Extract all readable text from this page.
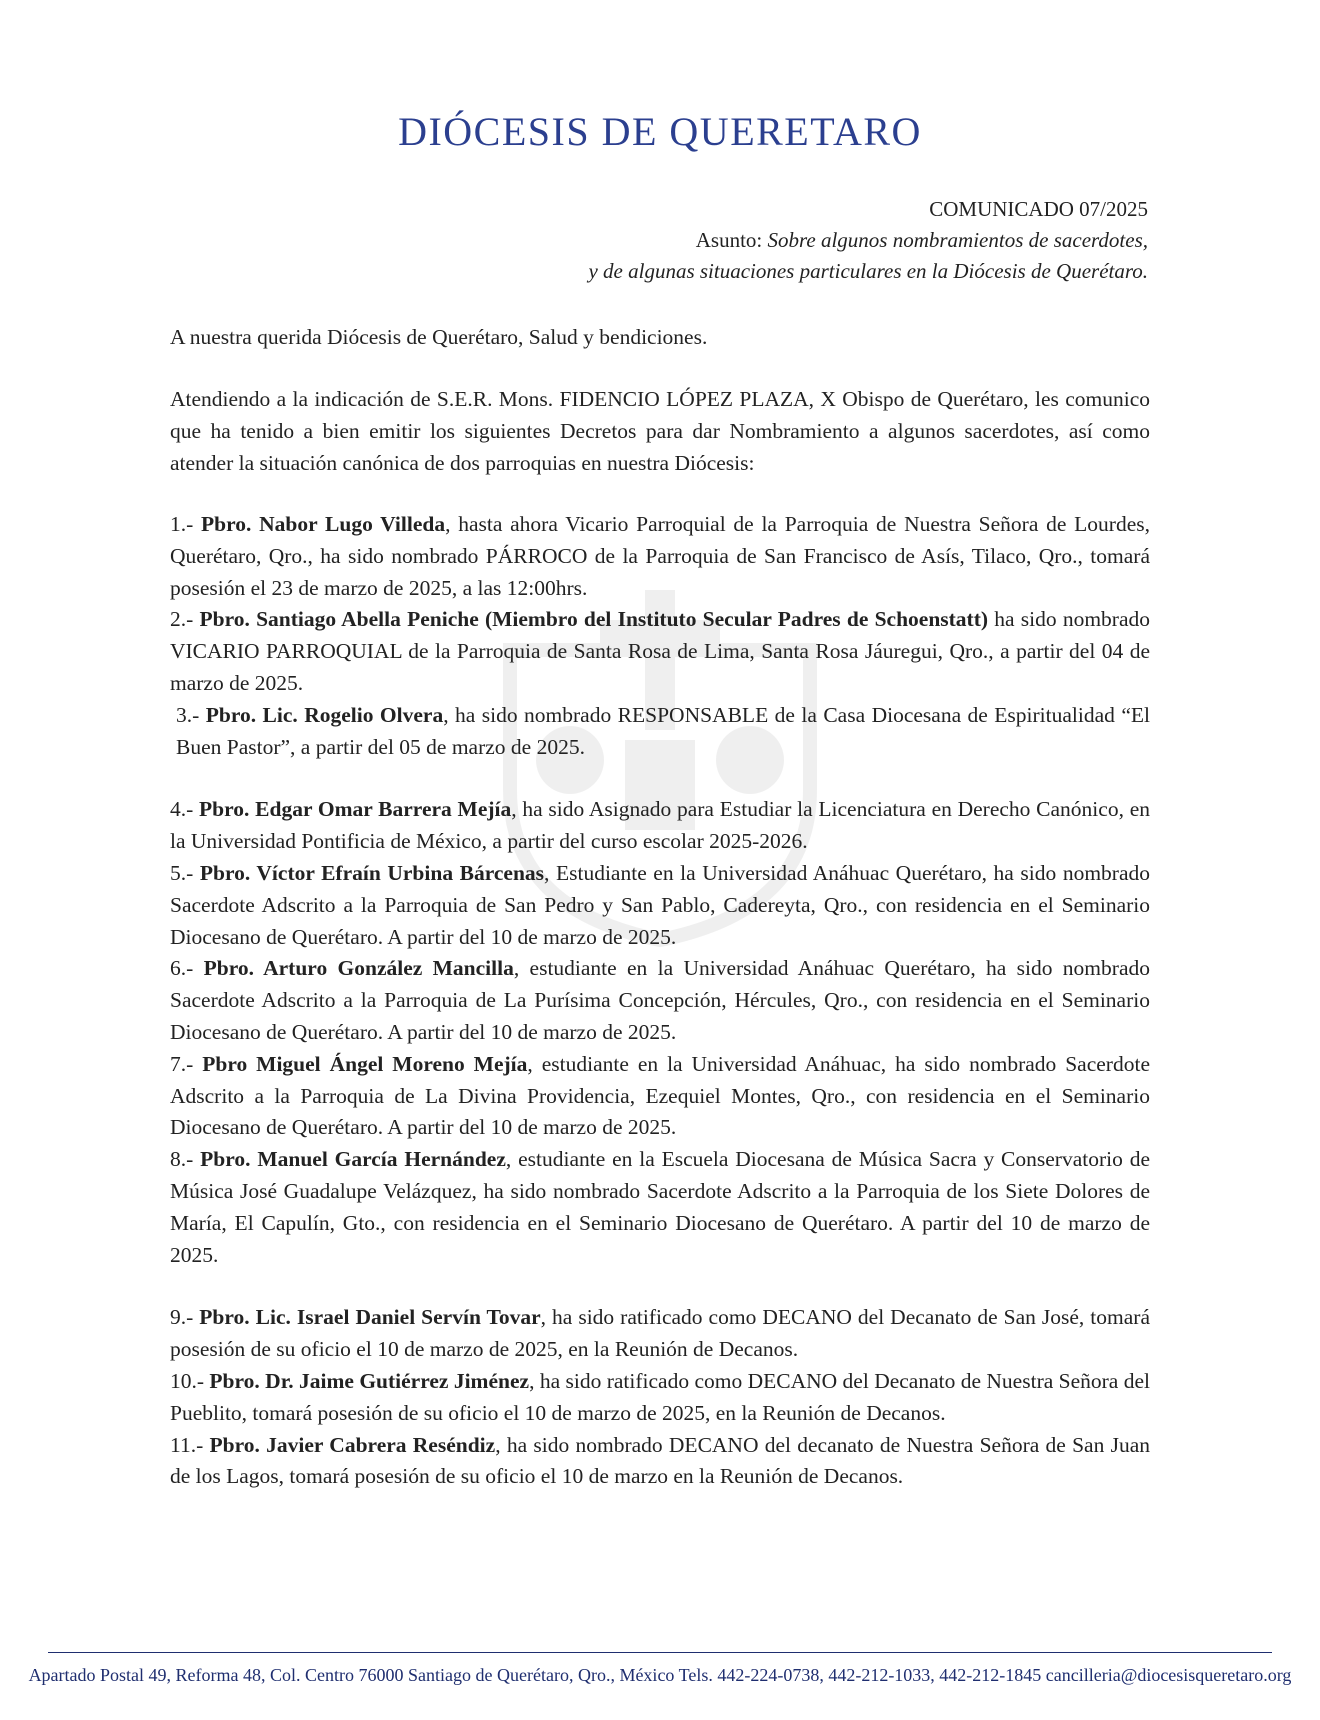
DIÓCESIS DE QUERETARO
COMUNICADO 07/2025
Asunto: Sobre algunos nombramientos de sacerdotes,
y de algunas situaciones particulares en la Diócesis de Querétaro.
A nuestra querida Diócesis de Querétaro, Salud y bendiciones.
Atendiendo a la indicación de S.E.R. Mons. FIDENCIO LÓPEZ PLAZA, X Obispo de Querétaro, les comunico que ha tenido a bien emitir los siguientes Decretos para dar Nombramiento a algunos sacerdotes, así como atender la situación canónica de dos parroquias en nuestra Diócesis:

1.- Pbro. Nabor Lugo Villeda, hasta ahora Vicario Parroquial de la Parroquia de Nuestra Señora de Lourdes, Querétaro, Qro., ha sido nombrado PÁRROCO de la Parroquia de San Francisco de Asís, Tilaco, Qro., tomará posesión el 23 de marzo de 2025, a las 12:00hrs.

2.- Pbro. Santiago Abella Peniche (Miembro del Instituto Secular Padres de Schoenstatt) ha sido nombrado VICARIO PARROQUIAL de la Parroquia de Santa Rosa de Lima, Santa Rosa Jáuregui, Qro., a partir del 04 de marzo de 2025.

3.- Pbro. Lic. Rogelio Olvera, ha sido nombrado RESPONSABLE de la Casa Diocesana de Espiritualidad “El Buen Pastor”, a partir del 05 de marzo de 2025.

4.- Pbro. Edgar Omar Barrera Mejía, ha sido Asignado para Estudiar la Licenciatura en Derecho Canónico, en la Universidad Pontificia de México, a partir del curso escolar 2025-2026.

5.- Pbro. Víctor Efraín Urbina Bárcenas, Estudiante en la Universidad Anáhuac Querétaro, ha sido nombrado Sacerdote Adscrito a la Parroquia de San Pedro y San Pablo, Cadereyta, Qro., con residencia en el Seminario Diocesano de Querétaro. A partir del 10 de marzo de 2025.

6.- Pbro. Arturo González Mancilla, estudiante en la Universidad Anáhuac Querétaro, ha sido nombrado Sacerdote Adscrito a la Parroquia de La Purísima Concepción, Hércules, Qro., con residencia en el Seminario Diocesano de Querétaro. A partir del 10 de marzo de 2025.

7.- Pbro Miguel Ángel Moreno Mejía, estudiante en la Universidad Anáhuac, ha sido nombrado Sacerdote Adscrito a la Parroquia de La Divina Providencia, Ezequiel Montes, Qro., con residencia en el Seminario Diocesano de Querétaro. A partir del 10 de marzo de 2025.

8.- Pbro. Manuel García Hernández, estudiante en la Escuela Diocesana de Música Sacra y Conservatorio de Música José Guadalupe Velázquez, ha sido nombrado Sacerdote Adscrito a la Parroquia de los Siete Dolores de María, El Capulín, Gto., con residencia en el Seminario Diocesano de Querétaro. A partir del 10 de marzo de 2025.

9.- Pbro. Lic. Israel Daniel Servín Tovar, ha sido ratificado como DECANO del Decanato de San José, tomará posesión de su oficio el 10 de marzo de 2025, en la Reunión de Decanos.

10.- Pbro. Dr. Jaime Gutiérrez Jiménez, ha sido ratificado como DECANO del Decanato de Nuestra Señora del Pueblito, tomará posesión de su oficio el 10 de marzo de 2025, en la Reunión de Decanos.

11.- Pbro. Javier Cabrera Reséndiz, ha sido nombrado DECANO del decanato de Nuestra Señora de San Juan de los Lagos, tomará posesión de su oficio el 10 de marzo en la Reunión de Decanos.

Apartado Postal 49, Reforma 48, Col. Centro 76000 Santiago de Querétaro, Qro., México Tels. 442-224-0738, 442-212-1033, 442-212-1845 cancilleria@diocesisqueretaro.org
